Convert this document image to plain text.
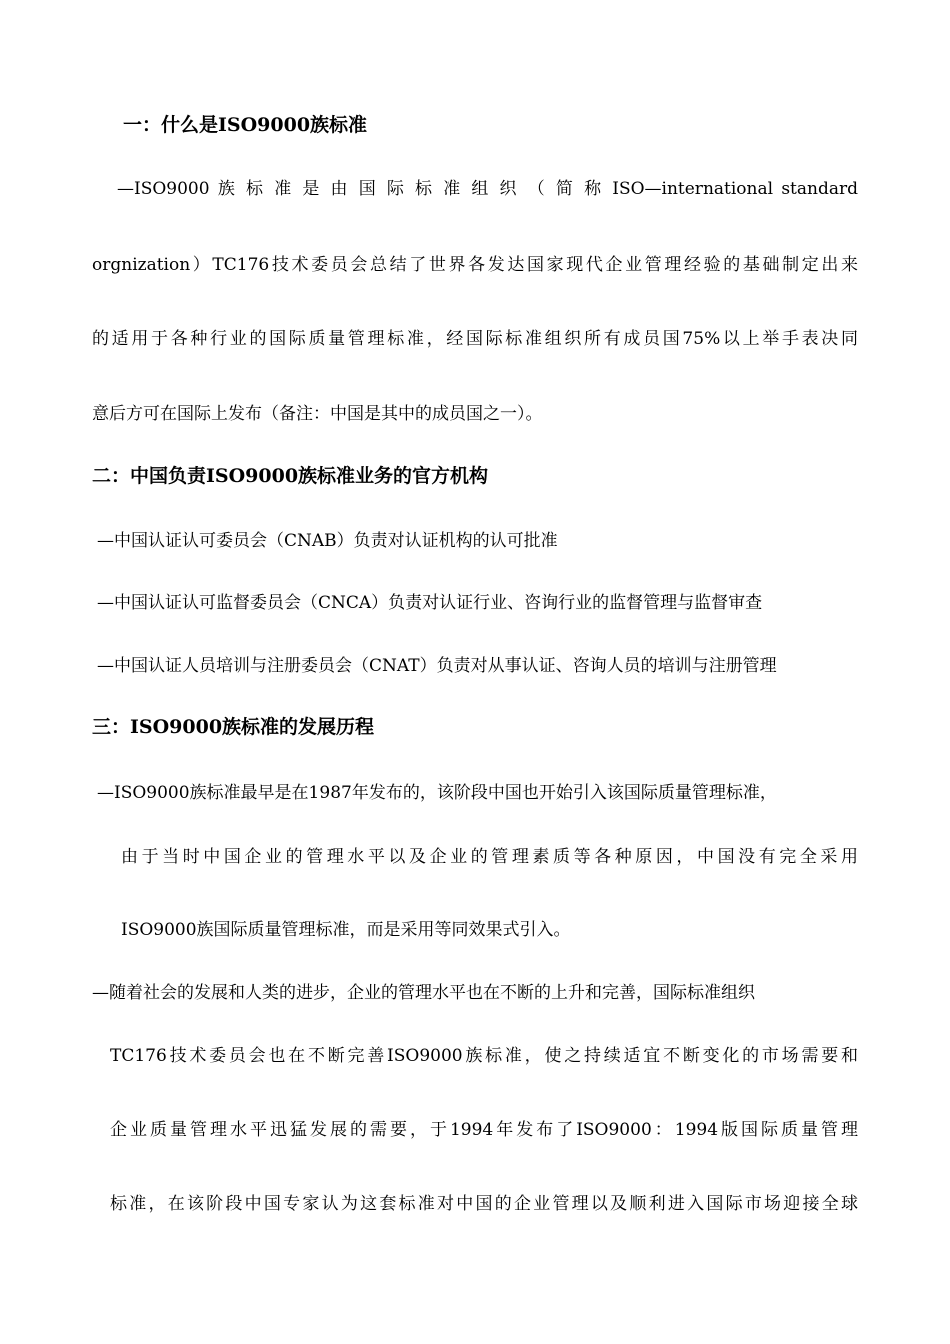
一：什么是ISO9000族标准

—ISO9000 族 标 准 是 由 国 际 标 准 组 织 （ 简 称 ISO—international standard

orgnization）TC176技术委员会总结了世界各发达国家现代企业管理经验的基础制定出来

的适用于各种行业的国际质量管理标准，经国际标准组织所有成员国75%以上举手表决同

意后方可在国际上发布（备注：中国是其中的成员国之一）。

二：中国负责ISO9000族标准业务的官方机构

—中国认证认可委员会（CNAB）负责对认证机构的认可批准

—中国认证认可监督委员会（CNCA）负责对认证行业、咨询行业的监督管理与监督审查

—中国认证人员培训与注册委员会（CNAT）负责对从事认证、咨询人员的培训与注册管理

三：ISO9000族标准的发展历程

—ISO9000族标准最早是在1987年发布的，该阶段中国也开始引入该国际质量管理标准，

由于当时中国企业的管理水平以及企业的管理素质等各种原因，中国没有完全采用

ISO9000族国际质量管理标准，而是采用等同效果式引入。

—随着社会的发展和人类的进步，企业的管理水平也在不断的上升和完善，国际标准组织

TC176技术委员会也在不断完善ISO9000族标准，使之持续适宜不断变化的市场需要和

企业质量管理水平迅猛发展的需要，于1994年发布了ISO9000：1994版国际质量管理

标准，在该阶段中国专家认为这套标准对中国的企业管理以及顺利进入国际市场迎接全球
